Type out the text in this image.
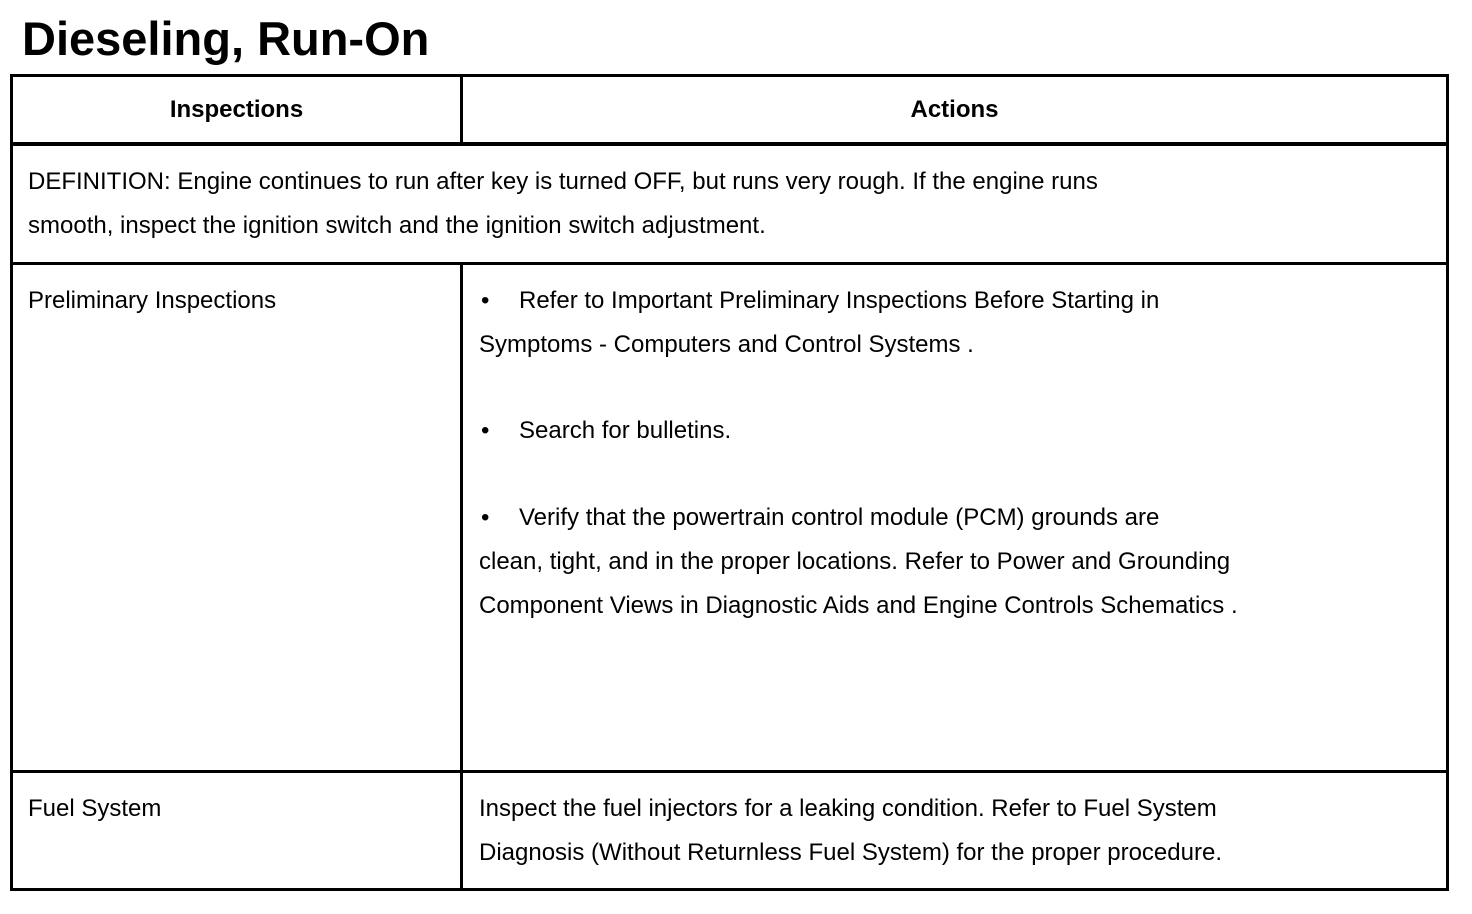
Dieseling, Run-On
Inspections	Actions
DEFINITION: Engine continues to run after key is turned OFF, but runs very rough. If the engine runs
smooth, inspect the ignition switch and the ignition switch adjustment.
Preliminary Inspections	• Refer to Important Preliminary Inspections Before Starting in
Symptoms - Computers and Control Systems .
• Search for bulletins.
• Verify that the powertrain control module (PCM) grounds are
clean, tight, and in the proper locations. Refer to Power and Grounding
Component Views in Diagnostic Aids and Engine Controls Schematics .
Fuel System	Inspect the fuel injectors for a leaking condition. Refer to Fuel System
Diagnosis (Without Returnless Fuel System) for the proper procedure.
